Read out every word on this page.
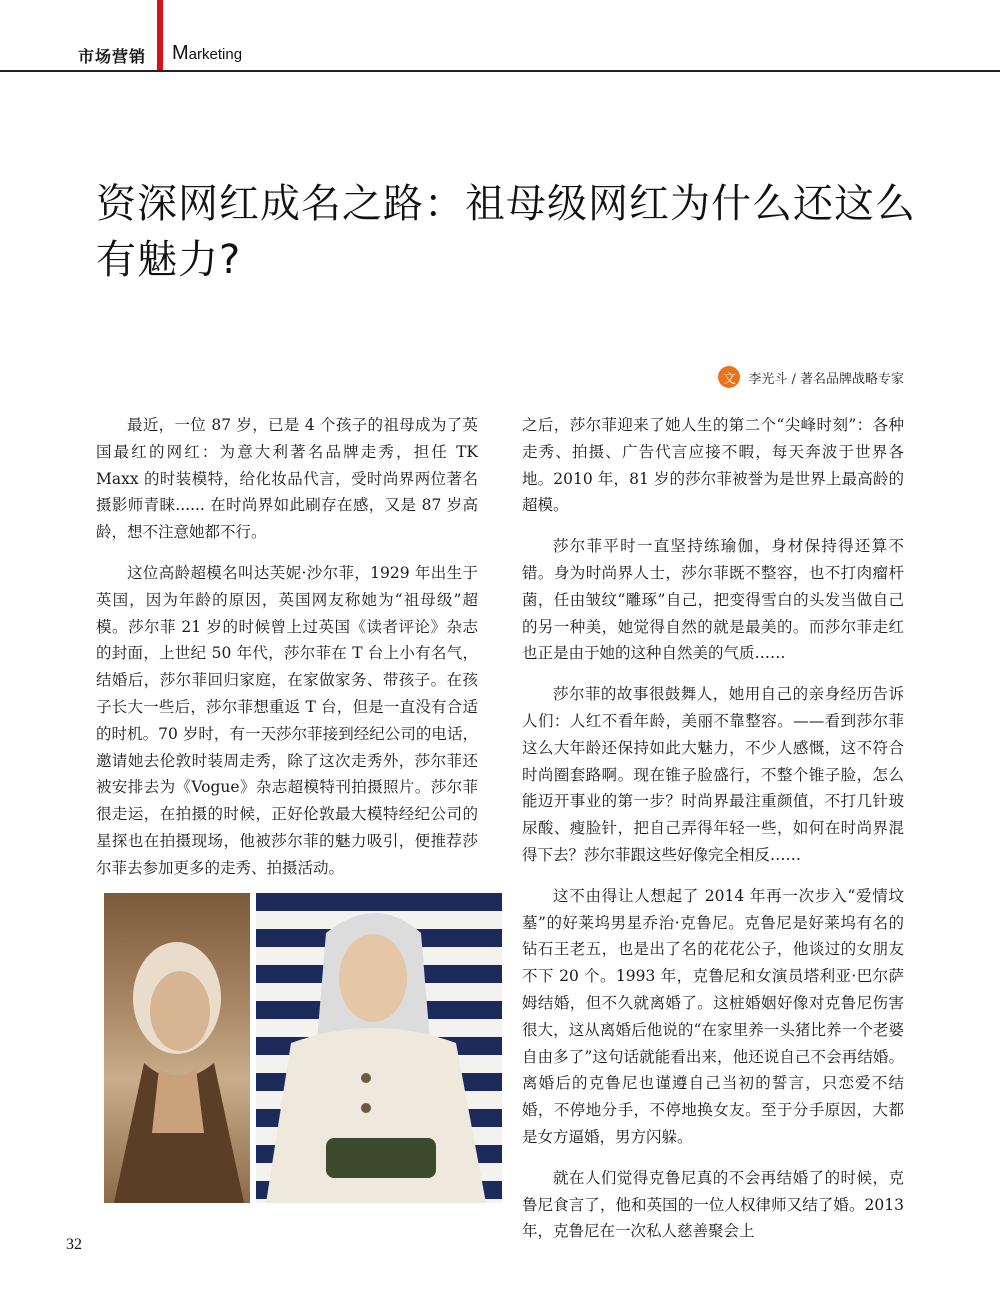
市场营销 Marketing
资深网红成名之路：祖母级网红为什么还这么有魅力?
文 李光斗 / 著名品牌战略专家

最近，一位 87 岁，已是 4 个孩子的祖母成为了英国最红的网红：为意大利著名品牌走秀，担任 TK Maxx 的时装模特，给化妆品代言，受时尚界两位著名摄影师青睐...... 在时尚界如此刷存在感，又是 87 岁高龄，想不注意她都不行。

这位高龄超模名叫达芙妮·沙尔菲，1929 年出生于英国，因为年龄的原因，英国网友称她为“祖母级”超模。莎尔菲 21 岁的时候曾上过英国《读者评论》杂志的封面，上世纪 50 年代，莎尔菲在 T 台上小有名气，结婚后，莎尔菲回归家庭，在家做家务、带孩子。在孩子长大一些后，莎尔菲想重返 T 台，但是一直没有合适的时机。70 岁时，有一天莎尔菲接到经纪公司的电话，邀请她去伦敦时装周走秀，除了这次走秀外，莎尔菲还被安排去为《Vogue》杂志超模特刊拍摄照片。莎尔菲很走运，在拍摄的时候，正好伦敦最大模特经纪公司的星探也在拍摄现场，他被莎尔菲的魅力吸引，便推荐莎尔菲去参加更多的走秀、拍摄活动。

之后，莎尔菲迎来了她人生的第二个“尖峰时刻”：各种走秀、拍摄、广告代言应接不暇，每天奔波于世界各地。2010 年，81 岁的莎尔菲被誉为是世界上最高龄的超模。

莎尔菲平时一直坚持练瑜伽，身材保持得还算不错。身为时尚界人士，莎尔菲既不整容，也不打肉瘤杆菌，任由皱纹“雕琢”自己，把变得雪白的头发当做自己的另一种美，她觉得自然的就是最美的。而莎尔菲走红也正是由于她的这种自然美的气质……

莎尔菲的故事很鼓舞人，她用自己的亲身经历告诉人们：人红不看年龄，美丽不靠整容。——看到莎尔菲这么大年龄还保持如此大魅力，不少人感慨，这不符合时尚圈套路啊。现在锥子脸盛行，不整个锥子脸，怎么能迈开事业的第一步？时尚界最注重颜值，不打几针玻尿酸、瘦脸针，把自己弄得年轻一些，如何在时尚界混得下去？莎尔菲跟这些好像完全相反……

这不由得让人想起了 2014 年再一次步入“爱情坟墓”的好莱坞男星乔治·克鲁尼。克鲁尼是好莱坞有名的钻石王老五，也是出了名的花花公子，他谈过的女朋友不下 20 个。1993 年，克鲁尼和女演员塔利亚·巴尔萨姆结婚，但不久就离婚了。这桩婚姻好像对克鲁尼伤害很大，这从离婚后他说的“在家里养一头猪比养一个老婆自由多了”这句话就能看出来，他还说自己不会再结婚。离婚后的克鲁尼也谨遵自己当初的誓言，只恋爱不结婚，不停地分手，不停地换女友。至于分手原因，大都是女方逼婚，男方闪躲。

就在人们觉得克鲁尼真的不会再结婚了的时候，克鲁尼食言了，他和英国的一位人权律师又结了婚。2013 年，克鲁尼在一次私人慈善聚会上

32
